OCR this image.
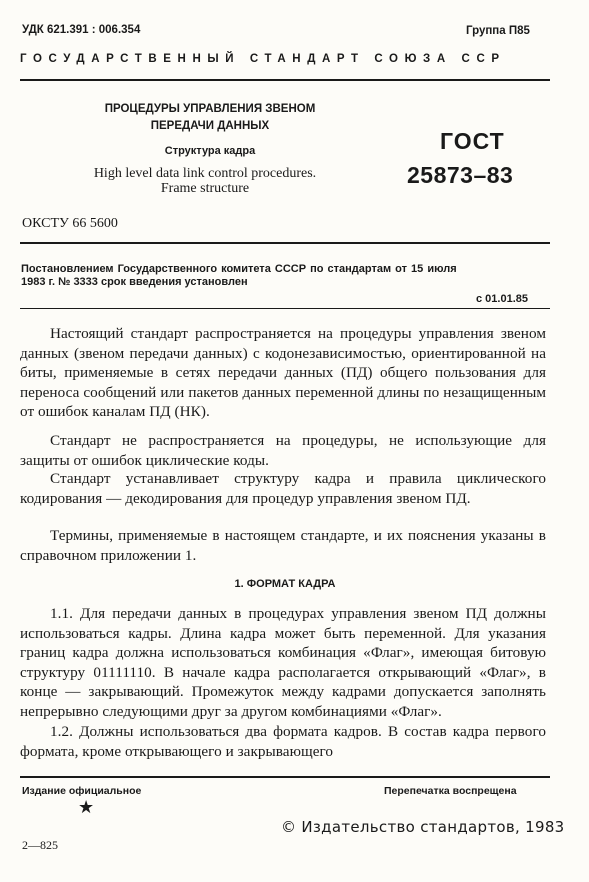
УДК 621.391 : 006.354	Группа П85
ГОСУДАРСТВЕННЫЙ СТАНДАРТ СОЮЗА ССР
ПРОЦЕДУРЫ УПРАВЛЕНИЯ ЗВЕНОМ
ПЕРЕДАЧИ ДАННЫХ
Структура кадра
High level data link control procedures.
Frame structure
ГОСТ
25873–83
ОКСТУ 66 5600
Постановлением Государственного комитета СССР по стандартам от 15 июля
1983 г. № 3333 срок введения установлен
с 01.01.85
Настоящий стандарт распространяется на процедуры управления звеном данных (звеном передачи данных) с кодонезависимостью, ориентированной на биты, применяемые в сетях передачи данных (ПД) общего пользования для переноса сообщений или пакетов данных переменной длины по незащищенным от ошибок каналам ПД (НК).
Стандарт не распространяется на процедуры, не использующие для защиты от ошибок циклические коды.
Стандарт устанавливает структуру кадра и правила циклического кодирования — декодирования для процедур управления звеном ПД.
Термины, применяемые в настоящем стандарте, и их пояснения указаны в справочном приложении 1.
1. ФОРМАТ КАДРА
1.1. Для передачи данных в процедурах управления звеном ПД должны использоваться кадры. Длина кадра может быть переменной. Для указания границ кадра должна использоваться комбинация «Флаг», имеющая битовую структуру 01111110. В начале кадра располагается открывающий «Флаг», в конце — закрывающий. Промежуток между кадрами допускается заполнять непрерывно следующими друг за другом комбинациями «Флаг».
1.2. Должны использоваться два формата кадров. В состав кадра первого формата, кроме открывающего и закрывающего
Издание официальное	Перепечатка воспрещена
★
© Издательство стандартов, 1983
2—825
